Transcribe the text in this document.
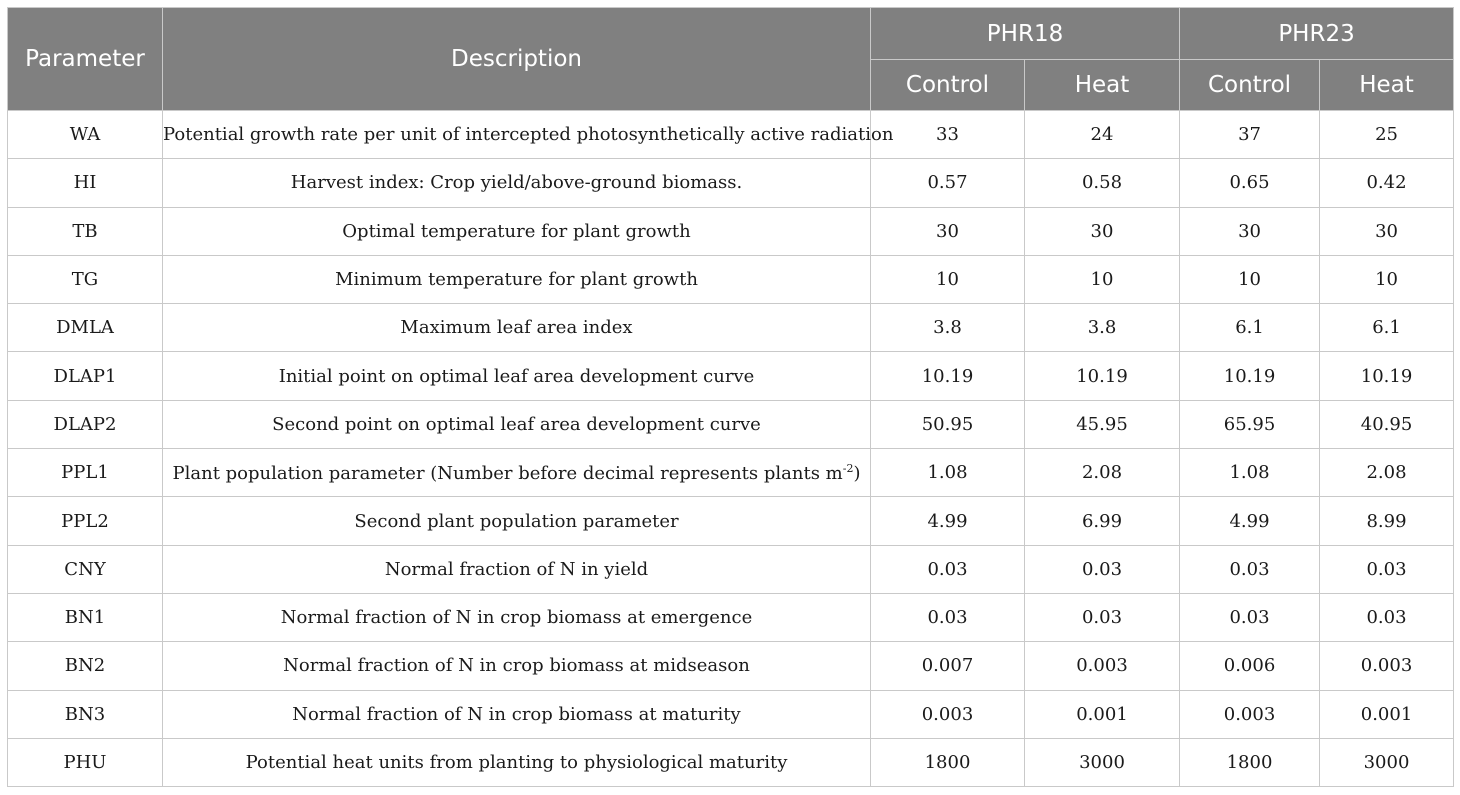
Parameter	Description	PHR18		PHR23	
		Control	Heat	Control	Heat
WA	Potential growth rate per unit of intercepted photosynthetically active radiation	33	24	37	25
HI	Harvest index: Crop yield/above-ground biomass.	0.57	0.58	0.65	0.42
TB	Optimal temperature for plant growth	30	30	30	30
TG	Minimum temperature for plant growth	10	10	10	10
DMLA	Maximum leaf area index	3.8	3.8	6.1	6.1
DLAP1	Initial point on optimal leaf area development curve	10.19	10.19	10.19	10.19
DLAP2	Second point on optimal leaf area development curve	50.95	45.95	65.95	40.95
PPL1	Plant population parameter (Number before decimal represents plants $m^{-2}$)	1.08	2.08	1.08	2.08
PPL2	Second plant population parameter	4.99	6.99	4.99	8.99
CNY	Normal fraction of N in yield	0.03	0.03	0.03	0.03
BN1	Normal fraction of N in crop biomass at emergence	0.03	0.03	0.03	0.03
BN2	Normal fraction of N in crop biomass at midseason	0.007	0.003	0.006	0.003
BN3	Normal fraction of N in crop biomass at maturity	0.003	0.001	0.003	0.001
PHU	Potential heat units from planting to physiological maturity	1800	3000	1800	3000
